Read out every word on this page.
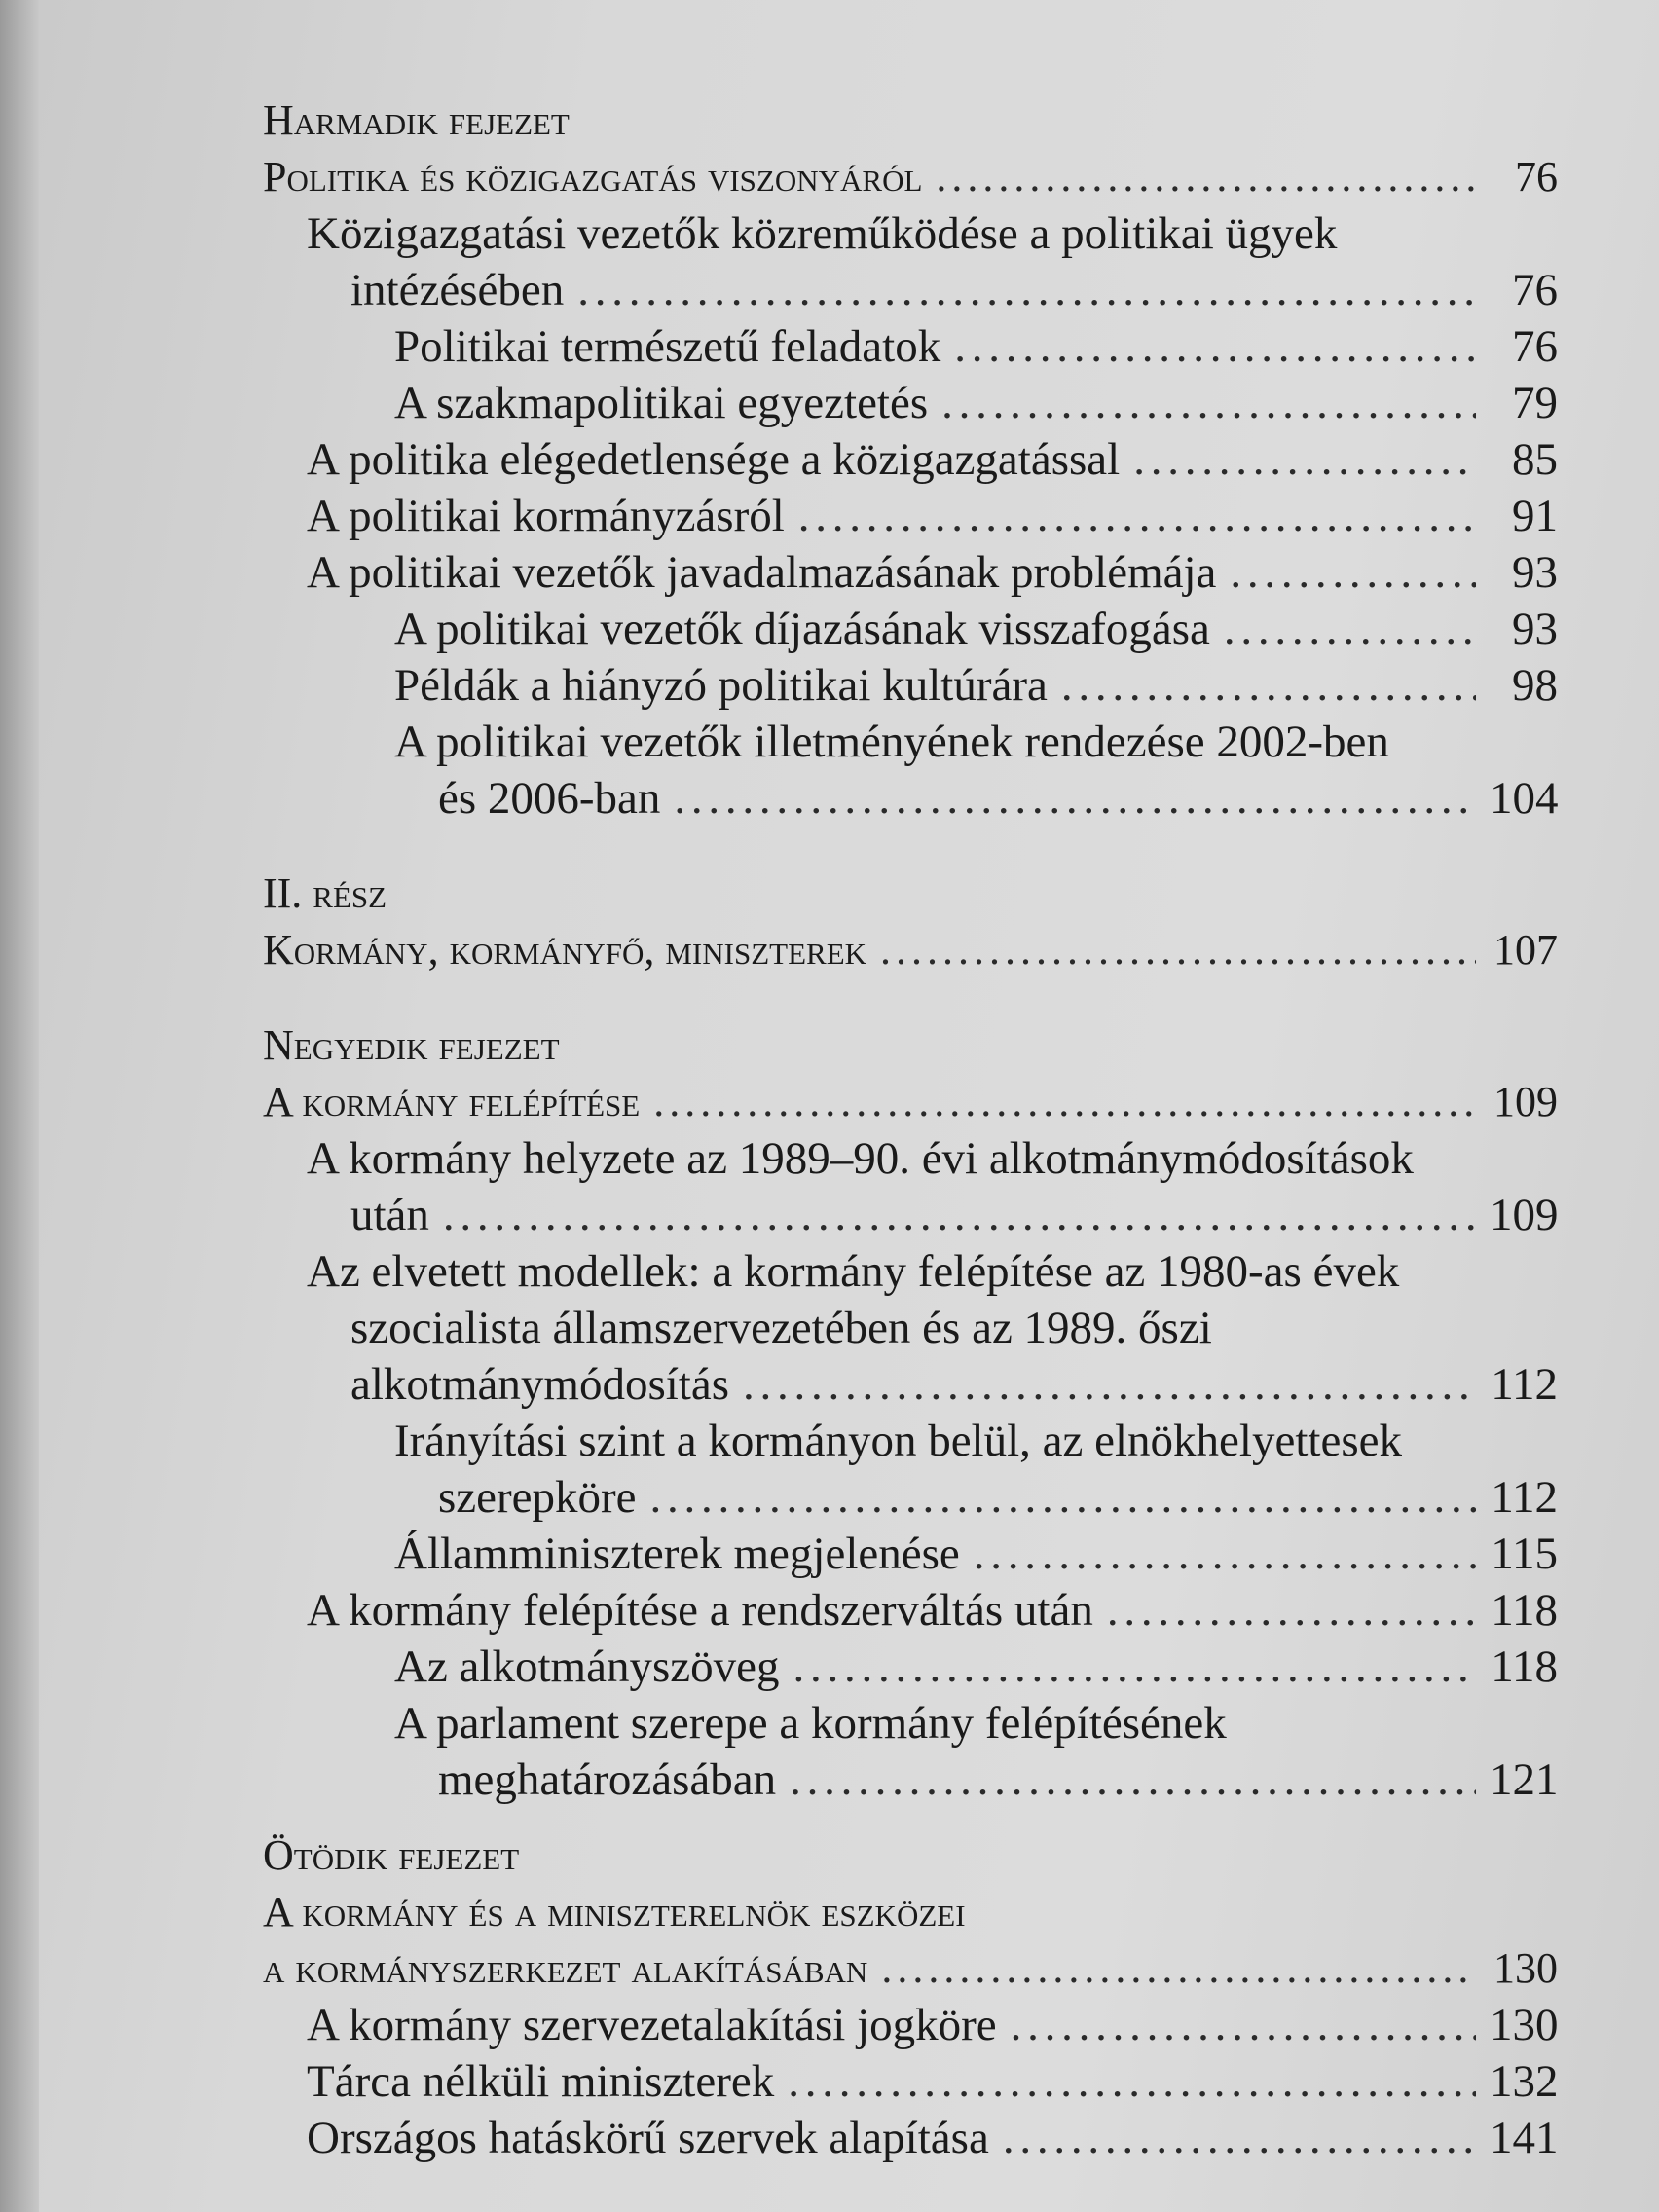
Harmadik fejezet
Politika és közigazgatás viszonyáról . . .	76
Közigazgatási vezetők közreműködése a politikai ügyek
intézésében . . .	76
Politikai természetű feladatok . . .	76
A szakmapolitikai egyeztetés . . .	79
A politika elégedetlensége a közigazgatással . . .	85
A politikai kormányzásról . . .	91
A politikai vezetők javadalmazásának problémája . . .	93
A politikai vezetők díjazásának visszafogása . . .	93
Példák a hiányzó politikai kultúrára . . .	98
A politikai vezetők illetményének rendezése 2002-ben
és 2006-ban . . .	104
II. rész
Kormány, kormányfő, miniszterek . . .	107
Negyedik fejezet
A kormány felépítése . . .	109
A kormány helyzete az 1989–90. évi alkotmánymódosítások
után . . .	109
Az elvetett modellek: a kormány felépítése az 1980-as évek
szocialista államszervezetében és az 1989. őszi
alkotmánymódosítás . . .	112
Irányítási szint a kormányon belül, az elnökhelyettesek
szerepköre . . .	112
Államminiszterek megjelenése . . .	115
A kormány felépítése a rendszerváltás után . . .	118
Az alkotmányszöveg . . .	118
A parlament szerepe a kormány felépítésének
meghatározásában . . .	121
Ötödik fejezet
A kormány és a miniszterelnök eszközei
a kormányszerkezet alakításában . . .	130
A kormány szervezetalakítási jogköre . . .	130
Tárca nélküli miniszterek . . .	132
Országos hatáskörű szervek alapítása . . .	141
